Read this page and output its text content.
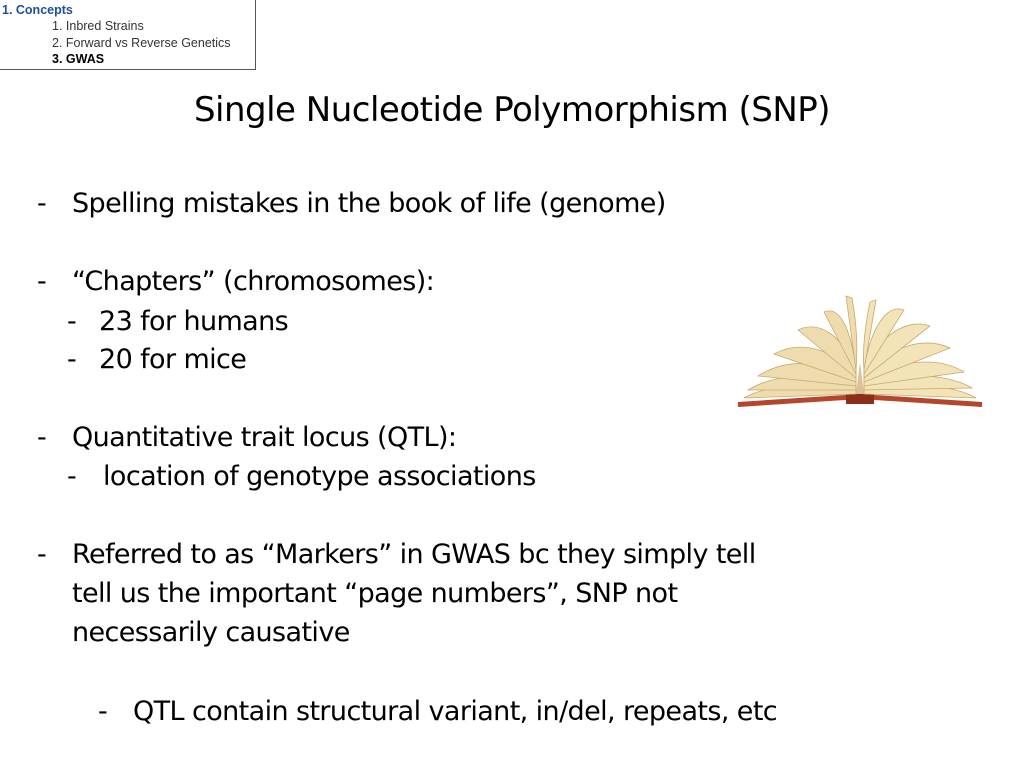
1. Concepts
1. Inbred Strains
2. Forward vs Reverse Genetics
3. GWAS
Single Nucleotide Polymorphism (SNP)
- Spelling mistakes in the book of life (genome)
- “Chapters” (chromosomes):
- 23 for humans
- 20 for mice
- Quantitative trait locus (QTL):
- location of genotype associations
- Referred to as “Markers” in GWAS bc they simply tell
tell us the important “page numbers”, SNP not
necessarily causative
- QTL contain structural variant, in/del, repeats, etc
